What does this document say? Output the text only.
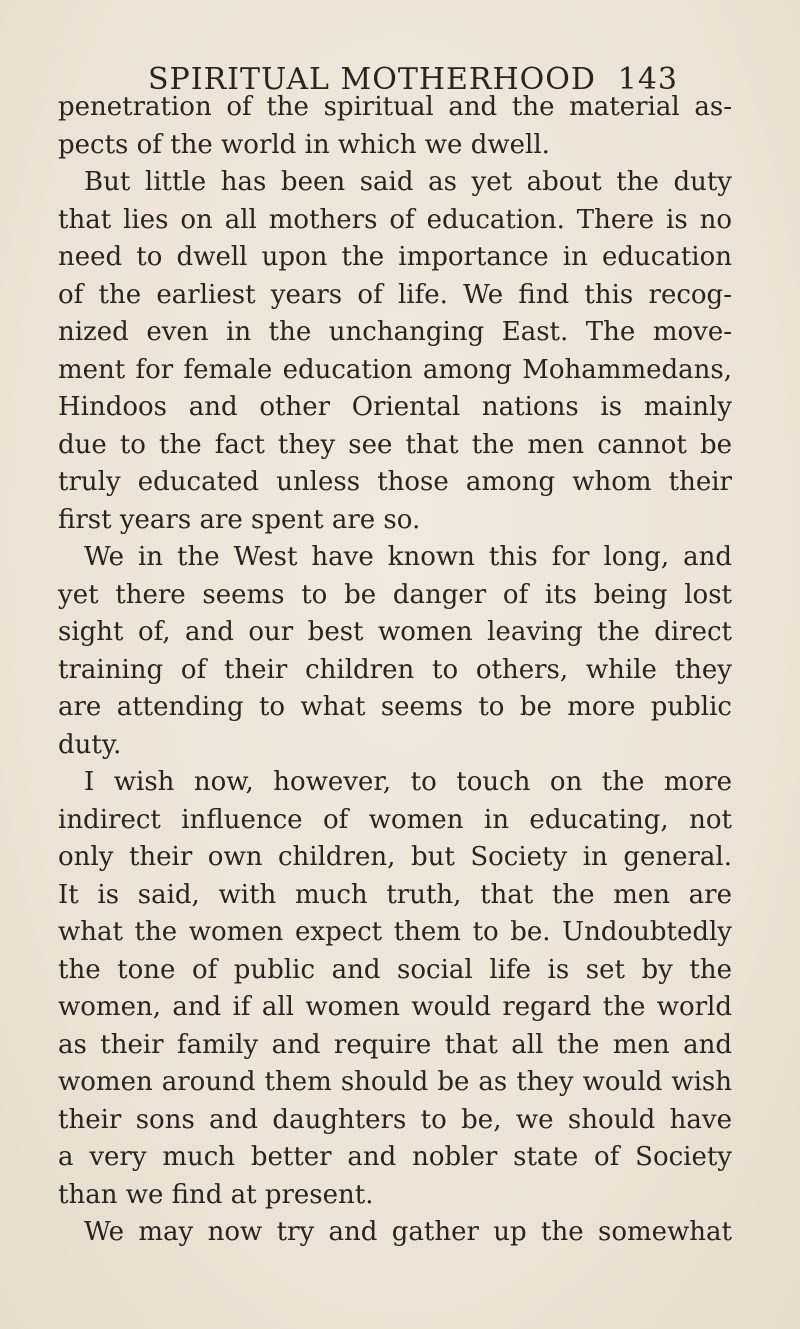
SPIRITUAL MOTHERHOOD 143
penetration of the spiritual and the material as-
pects of the world in which we dwell.
But little has been said as yet about the duty
that lies on all mothers of education. There is no
need to dwell upon the importance in education
of the earliest years of life. We find this recog-
nized even in the unchanging East. The move-
ment for female education among Mohammedans,
Hindoos and other Oriental nations is mainly
due to the fact they see that the men cannot be
truly educated unless those among whom their
first years are spent are so.
We in the West have known this for long, and
yet there seems to be danger of its being lost
sight of, and our best women leaving the direct
training of their children to others, while they
are attending to what seems to be more public
duty.
I wish now, however, to touch on the more
indirect influence of women in educating, not
only their own children, but Society in general.
It is said, with much truth, that the men are
what the women expect them to be. Undoubtedly
the tone of public and social life is set by the
women, and if all women would regard the world
as their family and require that all the men and
women around them should be as they would wish
their sons and daughters to be, we should have
a very much better and nobler state of Society
than we find at present.
We may now try and gather up the somewhat
